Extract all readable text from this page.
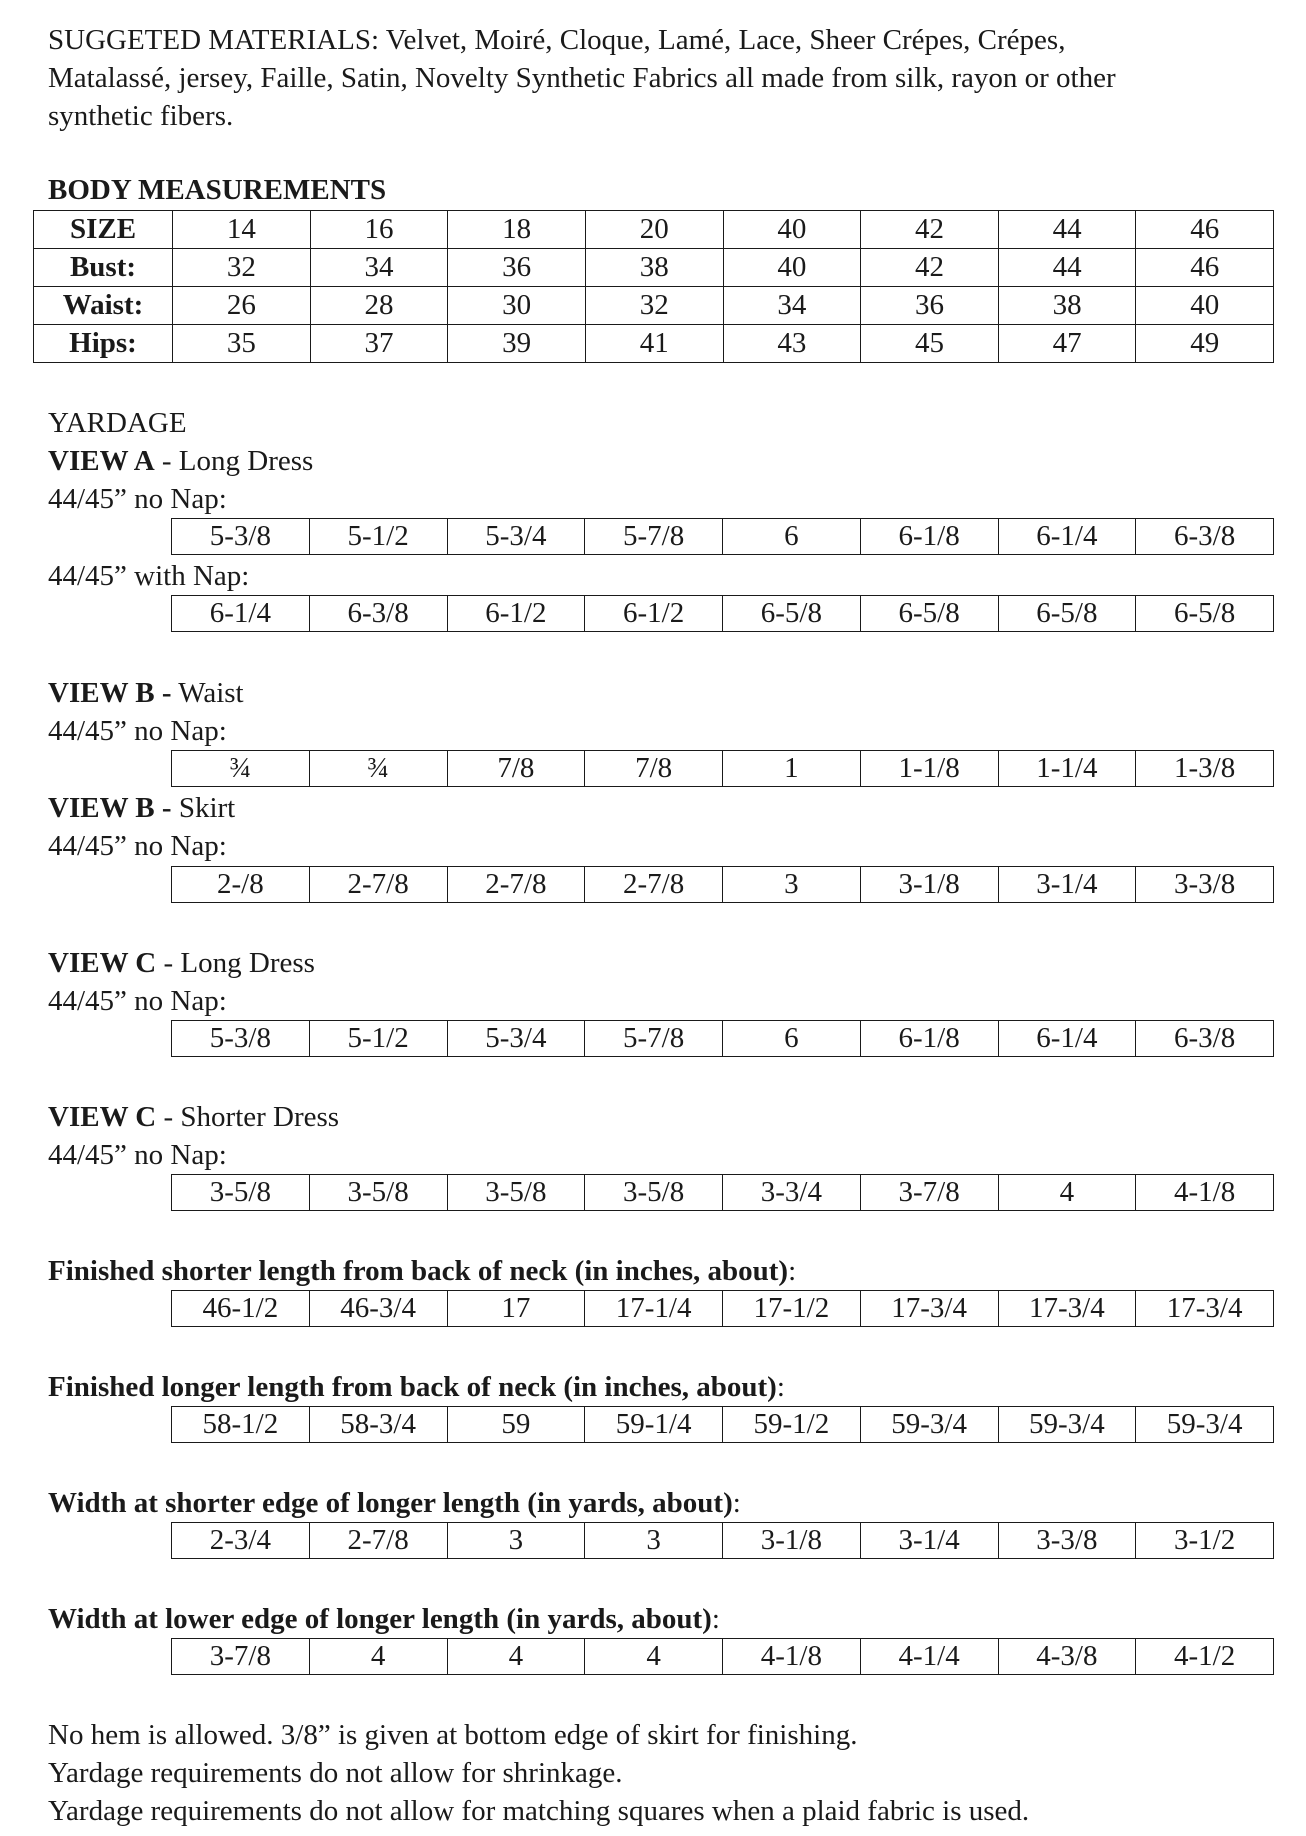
SUGGETED MATERIALS: Velvet, Moiré, Cloque, Lamé, Lace, Sheer Crépes, Crépes,

Matalassé, jersey, Faille, Satin, Novelty Synthetic Fabrics all made from silk, rayon or other

synthetic fibers.

BODY MEASUREMENTS

SIZE	14	16	18	20	40	42	44	46
Bust:	32	34	36	38	40	42	44	46
Waist:	26	28	30	32	34	36	38	40
Hips:	35	37	39	41	43	45	47	49

YARDAGE

VIEW A - Long Dress

44/45” no Nap:

5-3/8	5-1/2	5-3/4	5-7/8	6	6-1/8	6-1/4	6-3/8

44/45” with Nap:

6-1/4	6-3/8	6-1/2	6-1/2	6-5/8	6-5/8	6-5/8	6-5/8

VIEW B - Waist

44/45” no Nap:

¾	¾	7/8	7/8	1	1-1/8	1-1/4	1-3/8

VIEW B - Skirt

44/45” no Nap:

2-/8	2-7/8	2-7/8	2-7/8	3	3-1/8	3-1/4	3-3/8

VIEW C - Long Dress

44/45” no Nap:

5-3/8	5-1/2	5-3/4	5-7/8	6	6-1/8	6-1/4	6-3/8

VIEW C - Shorter Dress

44/45” no Nap:

3-5/8	3-5/8	3-5/8	3-5/8	3-3/4	3-7/8	4	4-1/8

Finished shorter length from back of neck (in inches, about):

46-1/2	46-3/4	17	17-1/4	17-1/2	17-3/4	17-3/4	17-3/4

Finished longer length from back of neck (in inches, about):

58-1/2	58-3/4	59	59-1/4	59-1/2	59-3/4	59-3/4	59-3/4

Width at shorter edge of longer length (in yards, about):

2-3/4	2-7/8	3	3	3-1/8	3-1/4	3-3/8	3-1/2

Width at lower edge of longer length (in yards, about):

3-7/8	4	4	4	4-1/8	4-1/4	4-3/8	4-1/2

No hem is allowed. 3/8” is given at bottom edge of skirt for finishing.

Yardage requirements do not allow for shrinkage.

Yardage requirements do not allow for matching squares when a plaid fabric is used.
